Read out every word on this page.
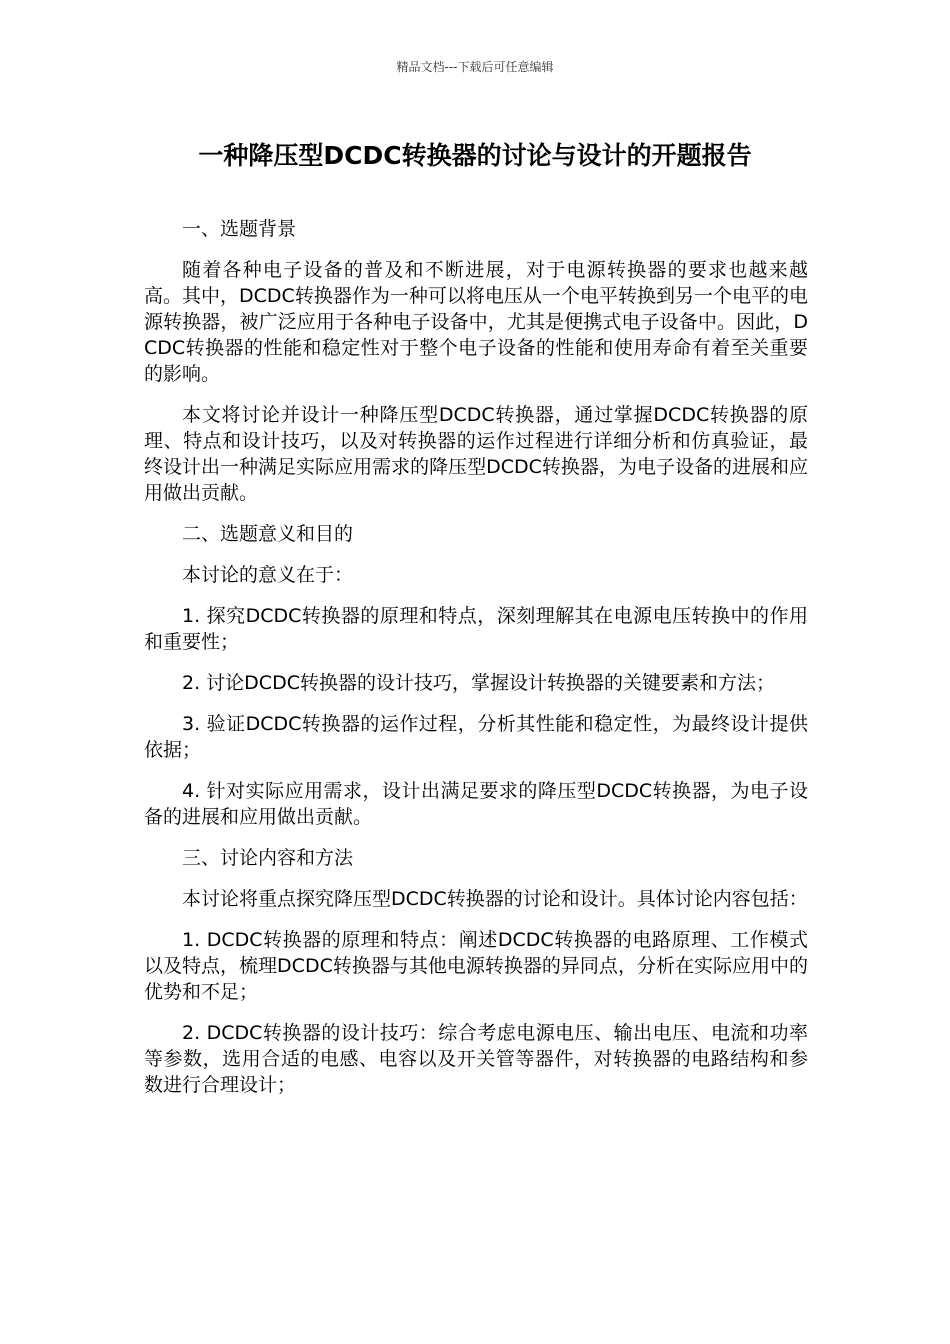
精品文档---下载后可任意编辑
一种降压型DCDC转换器的讨论与设计的开题报告

一、选题背景

随着各种电子设备的普及和不断进展，对于电源转换器的要求也越来越高。其中，DCDC转换器作为一种可以将电压从一个电平转换到另一个电平的电源转换器，被广泛应用于各种电子设备中，尤其是便携式电子设备中。因此，DCDC转换器的性能和稳定性对于整个电子设备的性能和使用寿命有着至关重要的影响。

本文将讨论并设计一种降压型DCDC转换器，通过掌握DCDC转换器的原理、特点和设计技巧，以及对转换器的运作过程进行详细分析和仿真验证，最终设计出一种满足实际应用需求的降压型DCDC转换器，为电子设备的进展和应用做出贡献。

二、选题意义和目的

本讨论的意义在于：

1. 探究DCDC转换器的原理和特点，深刻理解其在电源电压转换中的作用和重要性；

2. 讨论DCDC转换器的设计技巧，掌握设计转换器的关键要素和方法；

3. 验证DCDC转换器的运作过程，分析其性能和稳定性，为最终设计提供依据；

4. 针对实际应用需求，设计出满足要求的降压型DCDC转换器，为电子设备的进展和应用做出贡献。

三、讨论内容和方法

本讨论将重点探究降压型DCDC转换器的讨论和设计。具体讨论内容包括：

1. DCDC转换器的原理和特点：阐述DCDC转换器的电路原理、工作模式以及特点，梳理DCDC转换器与其他电源转换器的异同点，分析在实际应用中的优势和不足；

2. DCDC转换器的设计技巧：综合考虑电源电压、输出电压、电流和功率等参数，选用合适的电感、电容以及开关管等器件，对转换器的电路结构和参数进行合理设计；
